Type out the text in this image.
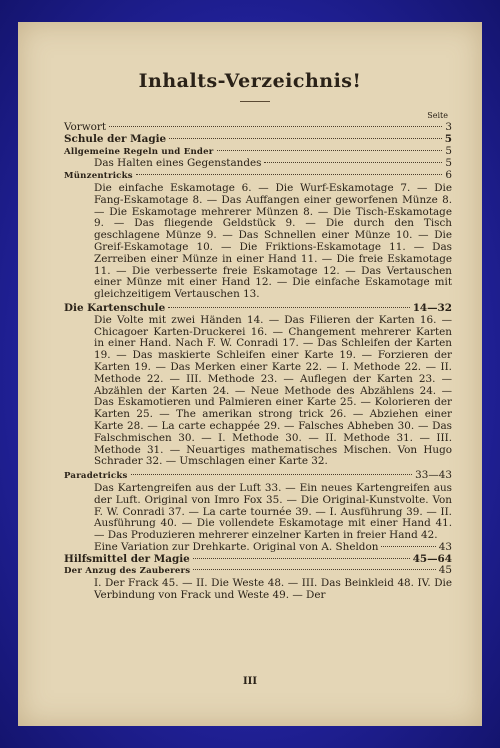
Inhalts-Verzeichnis!
Seite
Vorwort	3
Schule der Magie	5
Allgemeine Regeln und Ender	5
Das Halten eines Gegenstandes	5
Münzentricks	6
Die einfache Eskamotage 6. — Die Wurf-Eskamotage 7. — Die Fang-Eskamotage 8. — Das Auffangen einer geworfenen Münze 8. — Die Eskamotage mehrerer Münzen 8. — Die Tisch-Eskamotage 9. — Das fliegende Geldstück 9. — Die durch den Tisch geschlagene Münze 9. — Das Schnellen einer Münze 10. — Die Greif-Eskamotage 10. — Die Friktions-Eskamotage 11. — Das Zerreiben einer Münze in einer Hand 11. — Die freie Eskamotage 11. — Die verbesserte freie Eskamotage 12. — Das Vertauschen einer Münze mit einer Hand 12. — Die einfache Eskamotage mit gleichzeitigem Vertauschen 13.
Die Kartenschule	14—32
Die Volte mit zwei Händen 14. — Das Filieren der Karten 16. — Chicagoer Karten-Druckerei 16. — Changement mehrerer Karten in einer Hand. Nach F. W. Conradi 17. — Das Schleifen der Karten 19. — Das maskierte Schleifen einer Karte 19. — Forzieren der Karten 19. — Das Merken einer Karte 22. — I. Methode 22. — II. Methode 22. — III. Methode 23. — Auflegen der Karten 23. — Abzählen der Karten 24. — Neue Methode des Abzählens 24. — Das Eskamotieren und Palmieren einer Karte 25. — Kolorieren der Karten 25. — The amerikan strong trick 26. — Abziehen einer Karte 28. — La carte echappée 29. — Falsches Abheben 30. — Das Falschmischen 30. — I. Methode 30. — II. Methode 31. — III. Methode 31. — Neuartiges mathematisches Mischen. Von Hugo Schrader 32. — Umschlagen einer Karte 32.
Paradetricks	33—43
Das Kartengreifen aus der Luft 33. — Ein neues Kartengreifen aus der Luft. Original von Imro Fox 35. — Die Original-Kunstvolte. Von F. W. Conradi 37. — La carte tournée 39. — I. Ausführung 39. — II. Ausführung 40. — Die vollendete Eskamotage mit einer Hand 41. — Das Produzieren mehrerer einzelner Karten in freier Hand 42.
Eine Variation zur Drehkarte. Original von A. Sheldon	43
Hilfsmittel der Magie	45—64
Der Anzug des Zauberers	45
I. Der Frack 45. — II. Die Weste 48. — III. Das Beinkleid 48. IV. Die Verbindung von Frack und Weste 49. — Der
III
